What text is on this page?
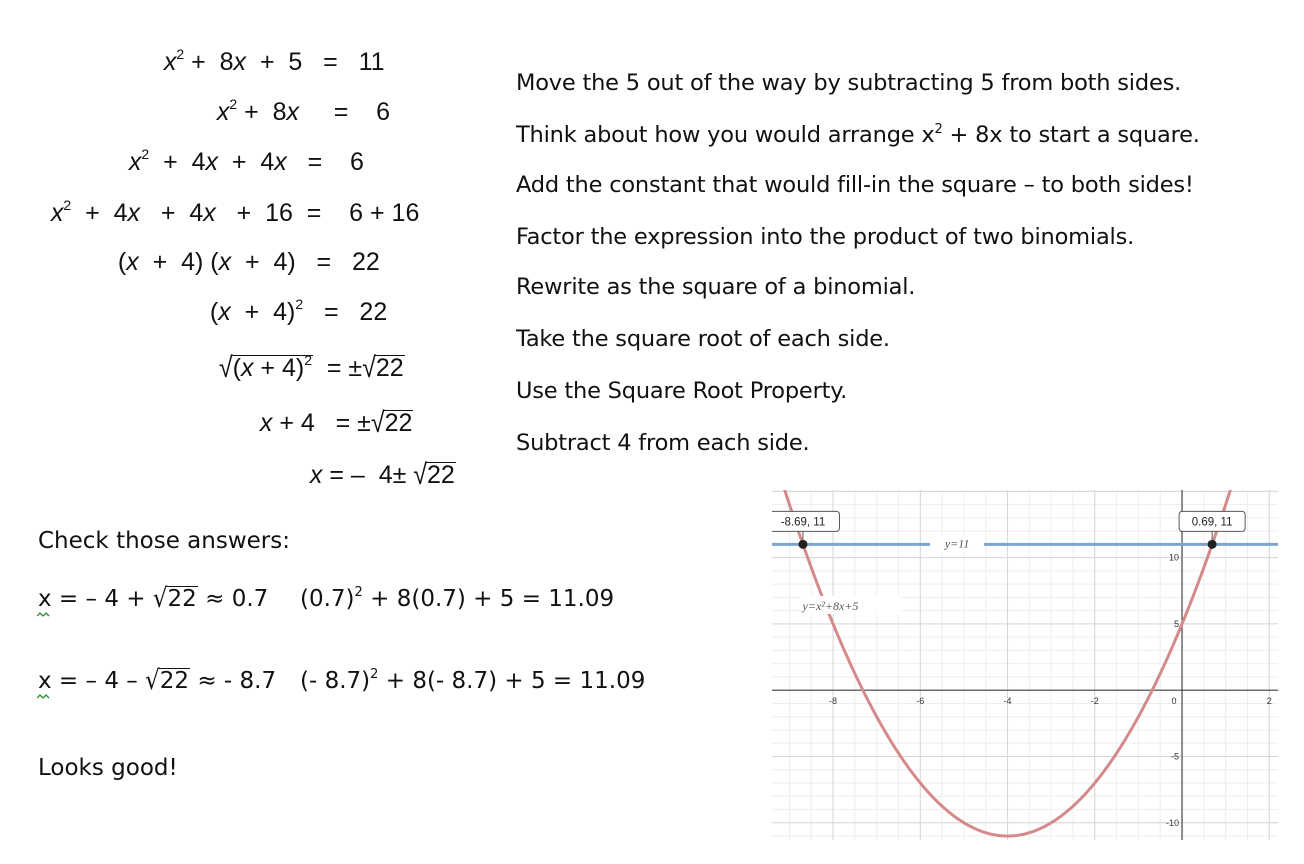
$x^2 + 8x + 5 = 11$

$x^2 + 8x$     =    6

Move the 5 out of the way by subtracting 5 from both sides.

$x^2 + 4x + 4x$   =    6

Think about how you would arrange $x^2 + 8x$ to start a square.

$x^2 + 4x + 4x + 16$  =    6 + 16

Add the constant that would fill-in the square – to both sides!

(x  +  4) (x  +  4)   =   22

Factor the expression into the product of two binomials.

$(x + 4)^2 = 22$

Rewrite as the square of a binomial.

$√(x + 4)^2 = \pm√22$

Take the square root of each side.

x + 4   = ±√22

Use the Square Root Property.

x = –  4± √22

Subtract 4 from each side.
Check those answers:
x = – 4 + √22 ≈ 0.7 $(0.7)^2 + 8(0.7) + 5 = 11.09$
x = – 4 – √22 ≈ - 8.7 (- 8.7)$^2$ + 8(- 8.7) + 5 = 11.09
Looks good!
-8	-6	-4	-2	0	2
10
5
-5
-10
y=11
y=x²+8x+5
-8.69, 11	0.69, 11
